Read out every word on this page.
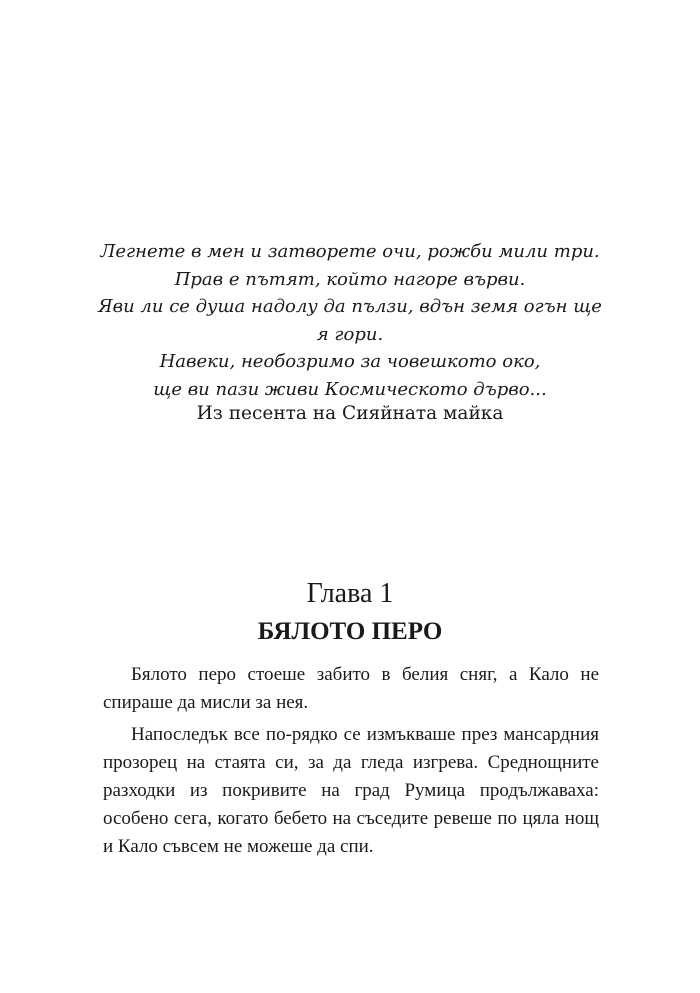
Легнете в мен и затворете очи, рожби мили три.
Прав е пътят, който нагоре върви.
Яви ли се душа надолу да пълзи, вдън земя огън ще
я гори.
Навеки, необозримо за човешкото око,
ще ви пази живи Космическото дърво...
Из песента на Сияйната майка
Глава 1
БЯЛОТО ПЕРО

Бялото перо стоеше забито в белия сняг, а Кало не спираше да мисли за нея.

Напоследък все по-рядко се измъкваше през мансардния прозорец на стаята си, за да гледа изгрева. Среднощните разходки из покривите на град Румица продължаваха: особено сега, когато бебето на съседите ревеше по цяла нощ и Кало съвсем не можеше да спи.
